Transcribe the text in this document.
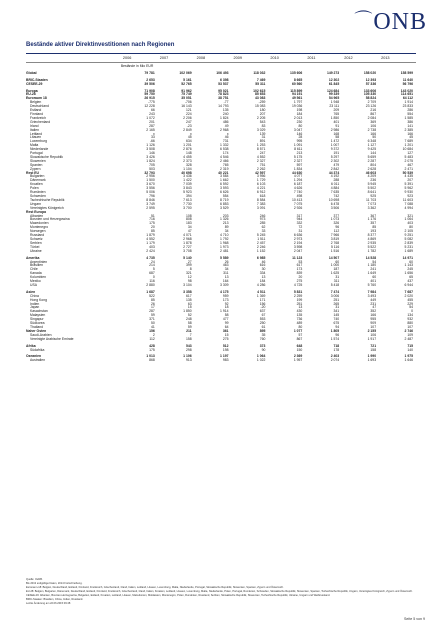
⌒ONB
Bestände aktiver Direktinvestitionen nach Regionen
	2006	2007	2008	2009	2010	2011	2012	2013
	Bestände in Mio EUR							
Global	79 781	102 069	106 493	118 032	135 606	149 273	158 020	158 599
BRIC-Staaten	2 653	5 161	6 398	7 469	8 665	12 302	12 393	11 640
CESEE-29	39 506	52 765	53 537	55 311	60 560	61 845	57 336	56 796
Europa	71 908	91 962	95 021	102 615	115 899	124 684	133 606	143 020
EU-28	59 750	75 749	78 823	85 653	94 191	99 339	105 330	114 651
Euroraum 18	26 915	35 051	38 751	43 083	49 561	54 965	58 824	64 112
Belgien	-775	-706	-77	-259	1 797	1 948	2 709	1 914
Deutschland	12 228	16 143	14 793	15 083	19 036	23 111	23 126	23 833
Estland	66	121	135	180	198	209	216	286
Finnland	243	224	240	207	184	765	867	554
Frankreich	1 072	2 206	1 824	2 205	2 013	1 850	2 084	1 585
Griechenland	201	247	486	543	230	401	369	386
Irland	287	-23	49	83	80	91	106	141
Italien	2 165	2 849	2 968	3 029	3 047	2 986	2 738	2 385
Lettland	x	x	x	139	146	168	166	166
Litauen	33	45	46	31	28	58	50	45
Luxemburg	-66	634	731	891	995	1 472	6 348	7 689
Malta	1 126	1 201	1 332	1 253	1 091	1 007	1 127	1 201
Niederlande	3 508	2 876	6 538	8 571	8 611	9 372	9 425	10 684
Portugal	146	148	174	247	213	191	144	127
Slowakische Republik	3 426	4 455	4 546	4 552	5 175	5 297	5 659	5 483
Slowenien	1 824	2 373	2 466	2 327	2 327	2 302	2 287	2 075
Spanien	705	328	765	751	597	479	804	467
Zypern	503	1 104	2 319	2 262	1 834	2 842	2 628	2 471
Rest EU	32 793	40 698	40 221	42 597	44 630	44 374	46 603	50 539
Bulgarien	2 956	3 436	3 584	3 956	4 077	4 192	4 209	4 435
Dänemark	1 500	1 422	1 662	1 729	1 294	288	236	207
Kroatien	3 670	7 039	6 592	6 103	6 187	6 011	5 945	5 391
Polen	3 556	3 843	3 593	4 221	4 626	4 884	5 502	5 962
Rumänien	5 006	5 923	6 626	6 912	7 740	7 635	8 641	9 930
Schweden	796	394	554	618	498	742	925	923
Tschechische Republik	8 846	7 613	8 719	8 584	10 413	10 698	11 703	11 603
Ungarn	3 749	7 730	6 853	7 383	7 075	6 478	7 073	7 088
Vereinigtes Königreich	2 595	3 700	3 529	3 091	2 926	3 506	3 362	4 994
Rest Europa								
Albanien	51	108	203	246	317	377	367	321
Bosnien und Herzegowina	716	808	1 326	973	944	1 073	1 176	1 064
Mazedonien	175	183	213	285	332	326	357	403
Montenegro	20	34	89	62	72	96	85	80
Norwegen	85	47	34	33	31	112	193	2 105
Russland	1 879	4 071	4 710	5 245	6 636	7 966	8 377	9 251
Schweiz	4 552	2 968	1 792	1 511	2 973	3 819	4 869	5 082
Serbien	1 179	1 878	1 968	2 457	2 194	2 768	2 935	2 839
Türkei	403	2 727	1 973	2 246	3 598	5 116	5 522	5 231
Ukraine	2 424	3 708	2 481	1 152	2 047	1 516	1 782	1 689
Amerika	4 735	5 140	5 589	6 985	11 123	14 507	14 528	14 971
Argentinien	24	27	26	46	53	60	54	60
Brasilien	214	399	463	616	617	1 000	1 180	1 143
Chile	5	8	34	30	173	187	241	245
Kanada	687	321	311	334	839	1 625	1 649	1 656
Kolumbien	0	12	13	13	20	31	60	65
Mexiko	116	98	164	184	275	311	401	437
USA	2 880	3 104	3 309	4 286	4 725	5 418	5 760	6 944
Asien	1 687	3 358	4 175	4 511	5 831	7 474	7 984	7 687
China	522	617	959	1 369	2 259	3 006	3 493	2 020
Hong Kong	85	135	173	171	199	251	449	455
Indien	26	63	92	156	251	265	231	229
Japan	17	15	18	-20	13	31	47	54
Kasachstan	287	1 850	1 914	637	430	341	352	0
Malaysien	59	52	58	67	135	145	166	134
Singapur	371	248	477	553	736	740	955	932
Südkorea	50	58	99	250	489	675	909	880
Thailand	41	59	64	61	80	94	107	107
Naher Osten	156	211	361	895	1 077	1 805	2 155	2 746
Saudi-Arabien	2	7	15	35	57	96	106	109
Vereinigte Arabische Emirate	112	158	275	760	867	1 574	1 917	2 487
Afrika	428	543	512	373	648	718	721	715
Südafrika	175	298	198	90	150	178	158	140
Ozeanien	1 013	1 106	1 197	1 064	2 369	2 403	1 990	1 975
Australien	868	913	983	1 022	1 957	2 074	1 693	1 646

Quelle: OeNB.

Bis 2013 endgültige Daten, 2014 Fortschreibung.

Euroraum-18: Belgien, Deutschland, Estland, Finnland, Frankreich, Griechenland, Irland, Italien, Lettland, Litauen, Luxemburg, Malta, Niederlande, Portugal, Slowakische Republik, Slowenien, Spanien, Zypern und Österreich.

EU-28: Belgien, Bulgarien, Dänemark, Deutschland, Estland, Finnland, Frankreich, Griechenland, Irland, Italien, Kroatien, Lettland, Litauen, Luxemburg, Malta, Niederlande, Polen, Portugal, Rumänien, Schweden, Slowakische Republik, Slowenien, Spanien, Tschechische Republik, Ungarn, Vereinigtes Königreich, Zypern und Österreich.

CESEE-29: Albanien, Bosnien-Herzegowina, Bulgarien, Estland, Kroatien, Lettland, Litauen, Mazedonien, Moldawien, Montenegro, Polen, Rumänien, Russland, Serbien, Slowakische Republik, Slowenien, Tschechische Republik, Ukraine, Ungarn und Weißrussland.

BRIC-Staaten: Brasilien, China, Indien, Russland.

Letzte Änderung am 22.06.2015 09:48

Seite 5 von 9
